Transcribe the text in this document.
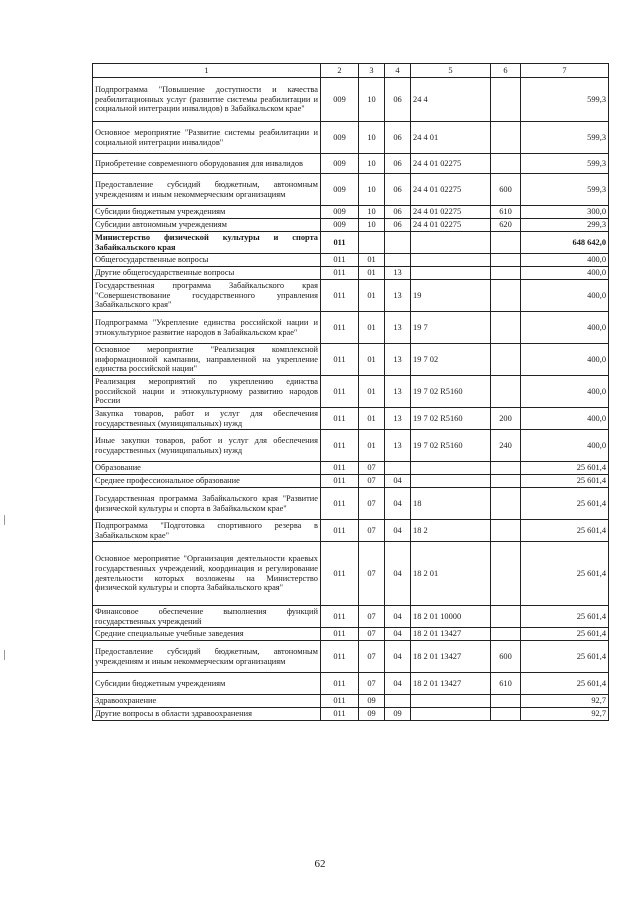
1	2	3	4	5	6	7
Подпрограмма "Повышение доступности и качества реабилитационных услуг (развитие системы реабилитации и социальной интеграции инвалидов) в Забайкальском крае"	009	10	06	24 4		599,3
Основное мероприятие "Развитие системы реабилитации и социальной интеграции инвалидов"	009	10	06	24 4 01		599,3
Приобретение современного оборудования для инвалидов	009	10	06	24 4 01 02275		599,3
Предоставление субсидий бюджетным, автономным учреждениям и иным некоммерческим организациям	009	10	06	24 4 01 02275	600	599,3
Субсидии бюджетным учреждениям	009	10	06	24 4 01 02275	610	300,0
Субсидии автономным учреждениям	009	10	06	24 4 01 02275	620	299,3
Министерство физической культуры и спорта Забайкальского края	011					648 642,0
Общегосударственные вопросы	011	01				400,0
Другие общегосударственные вопросы	011	01	13			400,0
Государственная программа Забайкальского края "Совершенствование государственного управления Забайкальского края"	011	01	13	19		400,0
Подпрограмма "Укрепление единства российской нации и этнокультурное развитие народов в Забайкальском крае"	011	01	13	19 7		400,0
Основное мероприятие "Реализация комплексной информационной кампании, направленной на укрепление единства российской нации"	011	01	13	19 7 02		400,0
Реализация мероприятий по укреплению единства российской нации и этнокультурному развитию народов России	011	01	13	19 7 02 R5160		400,0
Закупка товаров, работ и услуг для обеспечения государственных (муниципальных) нужд	011	01	13	19 7 02 R5160	200	400,0
Иные закупки товаров, работ и услуг для обеспечения государственных (муниципальных) нужд	011	01	13	19 7 02 R5160	240	400,0
Образование	011	07				25 601,4
Среднее профессиональное образование	011	07	04			25 601,4
Государственная программа Забайкальского края "Развитие физической культуры и спорта в Забайкальском крае"	011	07	04	18		25 601,4
Подпрограмма "Подготовка спортивного резерва в Забайкальском крае"	011	07	04	18 2		25 601,4
Основное мероприятие "Организация деятельности краевых государственных учреждений, координация и регулирование деятельности которых возложены на Министерство физической культуры и спорта Забайкальского края"	011	07	04	18 2 01		25 601,4
Финансовое обеспечение выполнения функций государственных учреждений	011	07	04	18 2 01 10000		25 601,4
Средние специальные учебные заведения	011	07	04	18 2 01 13427		25 601,4
Предоставление субсидий бюджетным, автономным учреждениям и иным некоммерческим организациям	011	07	04	18 2 01 13427	600	25 601,4
Субсидии бюджетным учреждениям	011	07	04	18 2 01 13427	610	25 601,4
Здравоохранение	011	09				92,7
Другие вопросы в области здравоохранения	011	09	09			92,7
62
